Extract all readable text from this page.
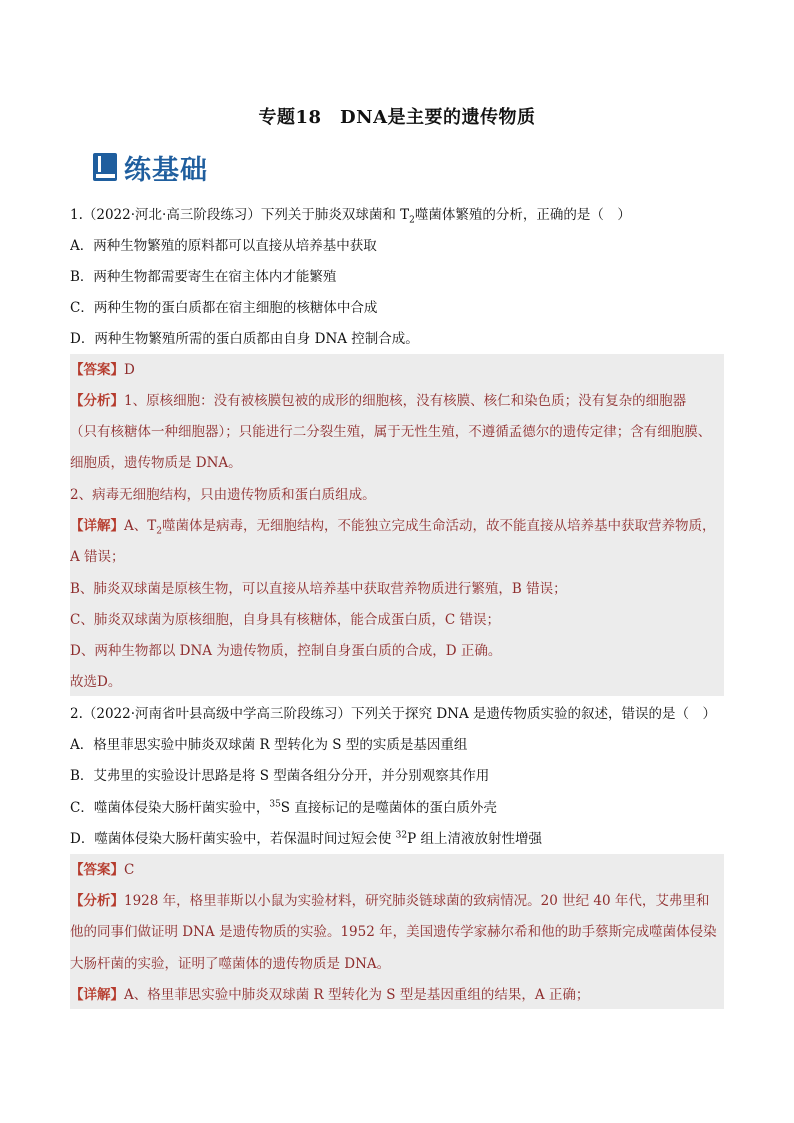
专题18　DNA是主要的遗传物质
练基础
1.（2022·河北·高三阶段练习）下列关于肺炎双球菌和 $T_2$噬菌体繁殖的分析，正确的是（　）
A．两种生物繁殖的原料都可以直接从培养基中获取
B．两种生物都需要寄生在宿主体内才能繁殖
C．两种生物的蛋白质都在宿主细胞的核糖体中合成
D．两种生物繁殖所需的蛋白质都由自身 DNA 控制合成。
【答案】D
【分析】1、原核细胞：没有被核膜包被的成形的细胞核，没有核膜、核仁和染色质；没有复杂的细胞器
（只有核糖体一种细胞器）；只能进行二分裂生殖，属于无性生殖，不遵循孟德尔的遗传定律；含有细胞膜、
细胞质，遗传物质是 DNA。
2、病毒无细胞结构，只由遗传物质和蛋白质组成。
【详解】A、$T_2$噬菌体是病毒，无细胞结构，不能独立完成生命活动，故不能直接从培养基中获取营养物质，
A 错误；
B、肺炎双球菌是原核生物，可以直接从培养基中获取营养物质进行繁殖，B 错误；
C、肺炎双球菌为原核细胞，自身具有核糖体，能合成蛋白质，C 错误；
D、两种生物都以 DNA 为遗传物质，控制自身蛋白质的合成，D 正确。
故选D。
2.（2022·河南省叶县高级中学高三阶段练习）下列关于探究 DNA 是遗传物质实验的叙述，错误的是（　）
A．格里菲思实验中肺炎双球菌 R 型转化为 S 型的实质是基因重组
B．艾弗里的实验设计思路是将 S 型菌各组分分开，并分别观察其作用
C．噬菌体侵染大肠杆菌实验中，$^{35}$S 直接标记的是噬菌体的蛋白质外壳
D．噬菌体侵染大肠杆菌实验中，若保温时间过短会使 $^{32}$P 组上清液放射性增强
【答案】C
【分析】1928 年，格里菲斯以小鼠为实验材料，研究肺炎链球菌的致病情况。20 世纪 40 年代，艾弗里和
他的同事们做证明 DNA 是遗传物质的实验。1952 年，美国遗传学家赫尔希和他的助手蔡斯完成噬菌体侵染
大肠杆菌的实验，证明了噬菌体的遗传物质是 DNA。
【详解】A、格里菲思实验中肺炎双球菌 R 型转化为 S 型是基因重组的结果，A 正确；
